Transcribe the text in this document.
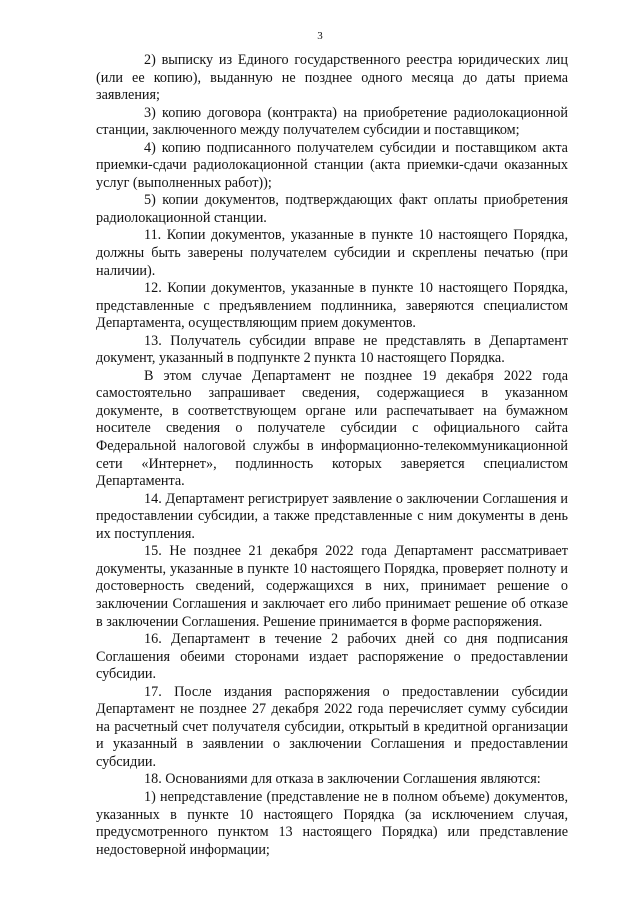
3

2) выписку из Единого государственного реестра юридических лиц (или ее копию), выданную не позднее одного месяца до даты приема заявления;

3) копию договора (контракта) на приобретение радиолокационной станции, заключенного между получателем субсидии и поставщиком;

4) копию подписанного получателем субсидии и поставщиком акта приемки-сдачи радиолокационной станции (акта приемки-сдачи оказанных услуг (выполненных работ));

5) копии документов, подтверждающих факт оплаты приобретения радиолокационной станции.

11. Копии документов, указанные в пункте 10 настоящего Порядка, должны быть заверены получателем субсидии и скреплены печатью (при наличии).

12. Копии документов, указанные в пункте 10 настоящего Порядка, представленные с предъявлением подлинника, заверяются специалистом Департамента, осуществляющим прием документов.

13. Получатель субсидии вправе не представлять в Департамент документ, указанный в подпункте 2 пункта 10 настоящего Порядка.

В этом случае Департамент не позднее 19 декабря 2022 года самостоятельно запрашивает сведения, содержащиеся в указанном документе, в соответствующем органе или распечатывает на бумажном носителе сведения о получателе субсидии с официального сайта Федеральной налоговой службы в информационно-телекоммуникационной сети «Интернет», подлинность которых заверяется специалистом Департамента.

14. Департамент регистрирует заявление о заключении Соглашения и предоставлении субсидии, а также представленные с ним документы в день их поступления.

15. Не позднее 21 декабря 2022 года Департамент рассматривает документы, указанные в пункте 10 настоящего Порядка, проверяет полноту и достоверность сведений, содержащихся в них, принимает решение о заключении Соглашения и заключает его либо принимает решение об отказе в заключении Соглашения. Решение принимается в форме распоряжения.

16. Департамент в течение 2 рабочих дней со дня подписания Соглашения обеими сторонами издает распоряжение о предоставлении субсидии.

17. После издания распоряжения о предоставлении субсидии Департамент не позднее 27 декабря 2022 года перечисляет сумму субсидии на расчетный счет получателя субсидии, открытый в кредитной организации и указанный в заявлении о заключении Соглашения и предоставлении субсидии.

18. Основаниями для отказа в заключении Соглашения являются:

1) непредставление (представление не в полном объеме) документов, указанных в пункте 10 настоящего Порядка (за исключением случая, предусмотренного пунктом 13 настоящего Порядка) или представление недостоверной информации;
